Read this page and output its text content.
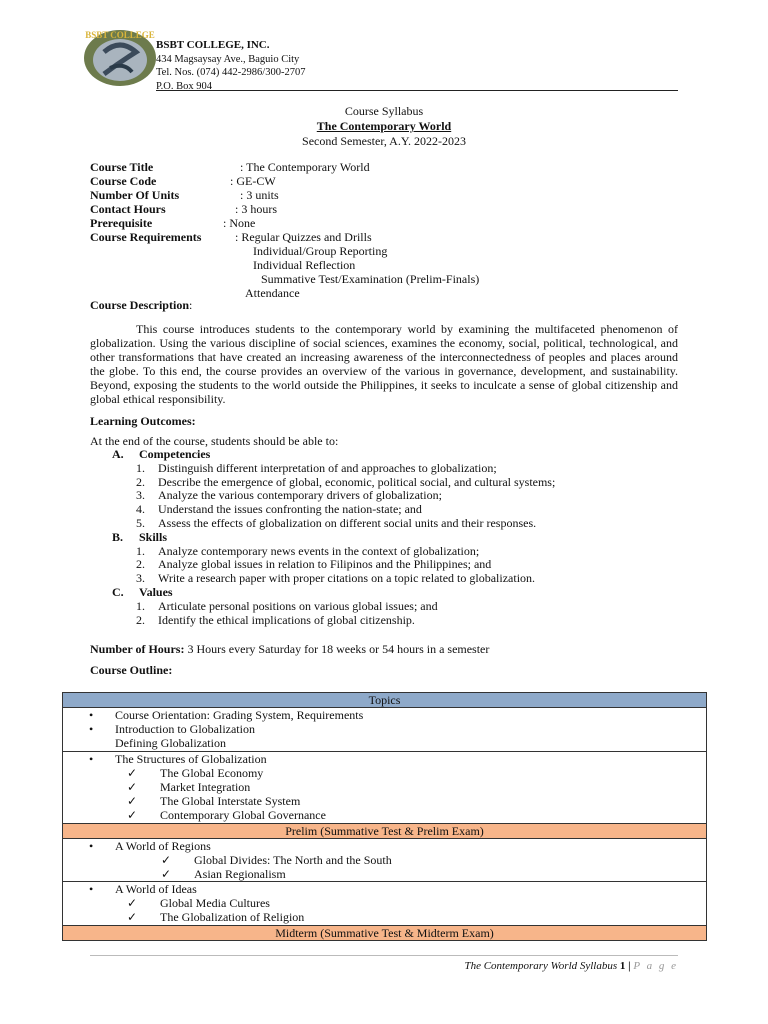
BSBT COLLEGE
BSBT COLLEGE, INC.
434 Magsaysay Ave., Baguio City
Tel. Nos. (074) 442-2986/300-2707
P.O. Box 904
Course Syllabus
The Contemporary World
Second Semester, A.Y. 2022-2023
Course Title	: The Contemporary World
Course Code	: GE-CW
Number Of Units	: 3 units
Contact Hours	: 3 hours
Prerequisite	: None
Course Requirements	: Regular Quizzes and Drills
Individual/Group Reporting
Individual Reflection
Summative Test/Examination (Prelim-Finals)
Attendance
Course Description:
This course introduces students to the contemporary world by examining the multifaceted phenomenon of globalization. Using the various discipline of social sciences, examines the economy, social, political, technological, and other transformations that have created an increasing awareness of the interconnectedness of peoples and places around the globe. To this end, the course provides an overview of the various in governance, development, and sustainability. Beyond, exposing the students to the world outside the Philippines, it seeks to inculcate a sense of global citizenship and global ethical responsibility.
Learning Outcomes:
At the end of the course, students should be able to:
A. Competencies
1. Distinguish different interpretation of and approaches to globalization;
2. Describe the emergence of global, economic, political social, and cultural systems;
3. Analyze the various contemporary drivers of globalization;
4. Understand the issues confronting the nation-state; and
5. Assess the effects of globalization on different social units and their responses.
B. Skills
1. Analyze contemporary news events in the context of globalization;
2. Analyze global issues in relation to Filipinos and the Philippines; and
3. Write a research paper with proper citations on a topic related to globalization.
C. Values
1. Articulate personal positions on various global issues; and
2. Identify the ethical implications of global citizenship.
Number of Hours: 3 Hours every Saturday for 18 weeks or 54 hours in a semester
Course Outline:
Topics

• Course Orientation: Grading System, Requirements
• Introduction to Globalization
Defining Globalization

• The Structures of Globalization
✓ The Global Economy
✓ Market Integration
✓ The Global Interstate System
✓ Contemporary Global Governance

Prelim (Summative Test & Prelim Exam)

• A World of Regions
✓ Global Divides: The North and the South
✓ Asian Regionalism

• A World of Ideas
✓ Global Media Cultures
✓ The Globalization of Religion

Midterm (Summative Test & Midterm Exam)
The Contemporary World Syllabus 1 | P a g e
